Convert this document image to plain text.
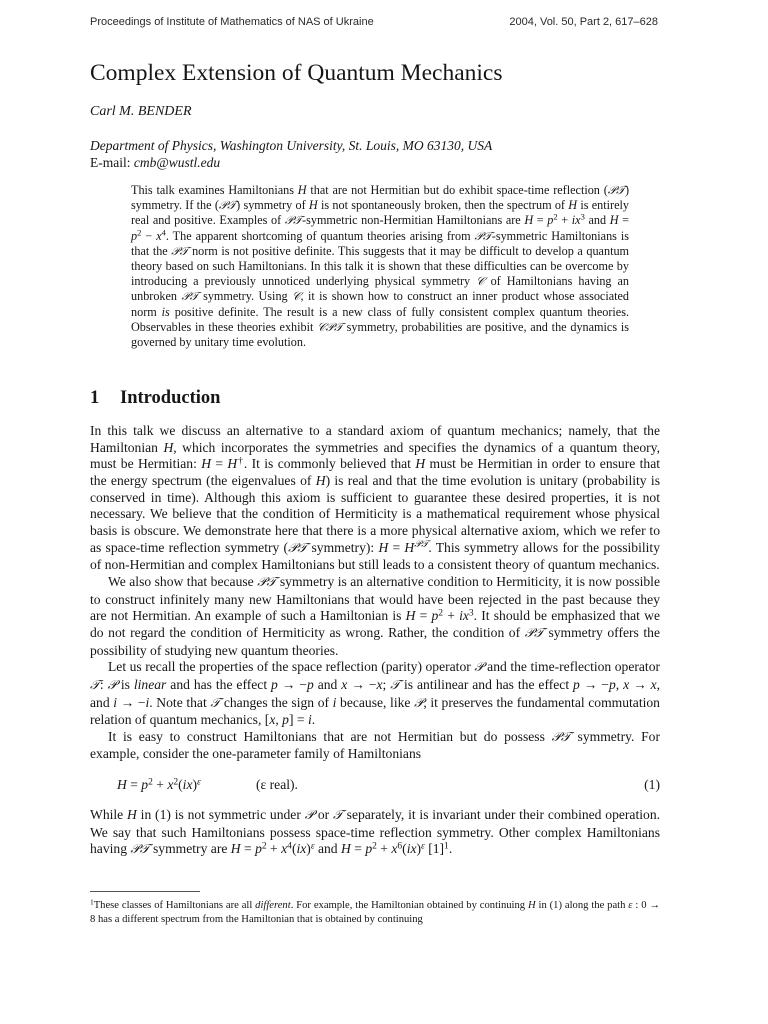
Proceedings of Institute of Mathematics of NAS of Ukraine	2004, Vol. 50, Part 2, 617–628
Complex Extension of Quantum Mechanics
Carl M. BENDER
Department of Physics, Washington University, St. Louis, MO 63130, USA
E-mail: cmb@wustl.edu

This talk examines Hamiltonians H that are not Hermitian but do exhibit space-time reflection (𝒫𝒯) symmetry. If the (𝒫𝒯) symmetry of H is not spontaneously broken, then the spectrum of H is entirely real and positive. Examples of 𝒫𝒯-symmetric non-Hermitian Hamiltonians are $H = p^2 + ix^3$ and $H = p^2 - x^4$. The apparent shortcoming of quantum theories arising from 𝒫𝒯-symmetric Hamiltonians is that the 𝒫𝒯 norm is not positive definite. This suggests that it may be difficult to develop a quantum theory based on such Hamiltonians. In this talk it is shown that these difficulties can be overcome by introducing a previously unnoticed underlying physical symmetry 𝒞 of Hamiltonians having an unbroken 𝒫𝒯 symmetry. Using 𝒞, it is shown how to construct an inner product whose associated norm is positive definite. The result is a new class of fully consistent complex quantum theories. Observables in these theories exhibit 𝒞𝒫𝒯 symmetry, probabilities are positive, and the dynamics is governed by unitary time evolution.

1 Introduction

In this talk we discuss an alternative to a standard axiom of quantum mechanics; namely, that the Hamiltonian H, which incorporates the symmetries and specifies the dynamics of a quantum theory, must be Hermitian: H = H†. It is commonly believed that H must be Hermitian in order to ensure that the energy spectrum (the eigenvalues of H) is real and that the time evolution is unitary (probability is conserved in time). Although this axiom is sufficient to guarantee these desired properties, it is not necessary. We believe that the condition of Hermiticity is a mathematical requirement whose physical basis is obscure. We demonstrate here that there is a more physical alternative axiom, which we refer to as space-time reflection symmetry (𝒫𝒯 symmetry): $H = H^{𝒫𝒯}$. This symmetry allows for the possibility of non-Hermitian and complex Hamiltonians but still leads to a consistent theory of quantum mechanics.

We also show that because 𝒫𝒯 symmetry is an alternative condition to Hermiticity, it is now possible to construct infinitely many new Hamiltonians that would have been rejected in the past because they are not Hermitian. An example of such a Hamiltonian is $H = p^2 + ix^3$. It should be emphasized that we do not regard the condition of Hermiticity as wrong. Rather, the condition of 𝒫𝒯 symmetry offers the possibility of studying new quantum theories.

Let us recall the properties of the space reflection (parity) operator 𝒫 and the time-reflection operator 𝒯: 𝒫 is linear and has the effect p → −p and x → −x; 𝒯 is antilinear and has the effect p → −p, x → x, and i → −i. Note that 𝒯 changes the sign of i because, like 𝒫, it preserves the fundamental commutation relation of quantum mechanics, [x, p] = i.

It is easy to construct Hamiltonians that are not Hermitian but do possess 𝒫𝒯 symmetry. For example, consider the one-parameter family of Hamiltonians

$H = p^2 + x^2(ix)^\varepsilon$	(ε real).	(1)

While H in (1) is not symmetric under 𝒫 or 𝒯 separately, it is invariant under their combined operation. We say that such Hamiltonians possess space-time reflection symmetry. Other complex Hamiltonians having 𝒫𝒯 symmetry are $H = p^2 + x^4(ix)^\varepsilon$ and $H = p^2 + x^6(ix)^\varepsilon$ $[1]^1$.

$^1$These classes of Hamiltonians are all different. For example, the Hamiltonian obtained by continuing H in (1) along the path ε : 0 → 8 has a different spectrum from the Hamiltonian that is obtained by continuing
